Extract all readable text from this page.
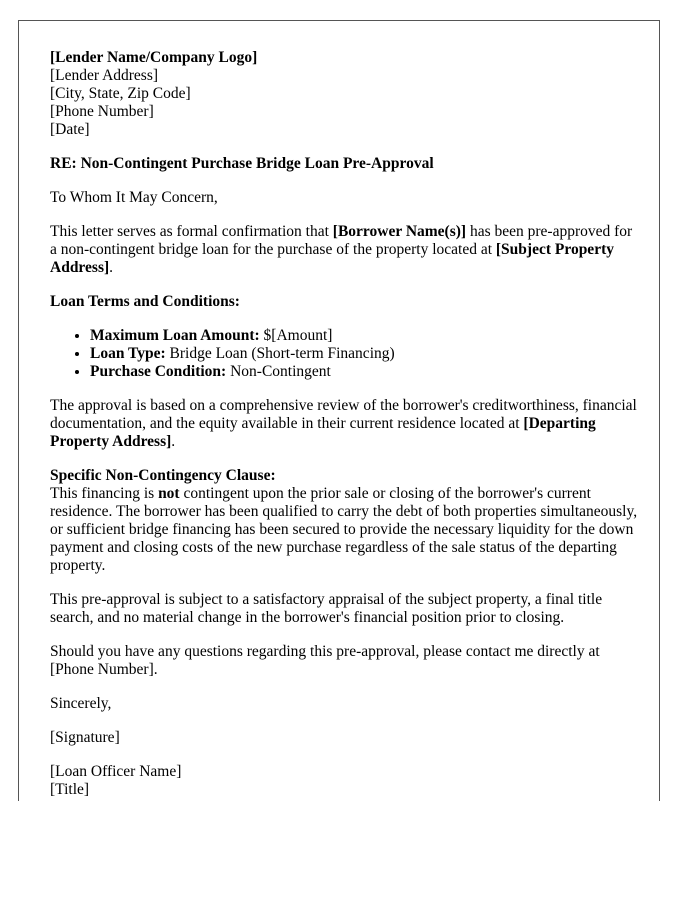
[Lender Name/Company Logo]

[Lender Address]

[City, State, Zip Code]

[Phone Number]

[Date]

RE: Non-Contingent Purchase Bridge Loan Pre-Approval

To Whom It May Concern,

This letter serves as formal confirmation that [Borrower Name(s)] has been pre-approved for a non-contingent bridge loan for the purchase of the property located at [Subject Property Address].

Loan Terms and Conditions:

• Maximum Loan Amount: $[Amount]
• Loan Type: Bridge Loan (Short-term Financing)
• Purchase Condition: Non-Contingent

The approval is based on a comprehensive review of the borrower's creditworthiness, financial documentation, and the equity available in their current residence located at [Departing Property Address].

Specific Non-Contingency Clause:

This financing is not contingent upon the prior sale or closing of the borrower's current residence. The borrower has been qualified to carry the debt of both properties simultaneously, or sufficient bridge financing has been secured to provide the necessary liquidity for the down payment and closing costs of the new purchase regardless of the sale status of the departing property.

This pre-approval is subject to a satisfactory appraisal of the subject property, a final title search, and no material change in the borrower's financial position prior to closing.

Should you have any questions regarding this pre-approval, please contact me directly at [Phone Number].

Sincerely,

[Signature]

[Loan Officer Name]

[Title]
